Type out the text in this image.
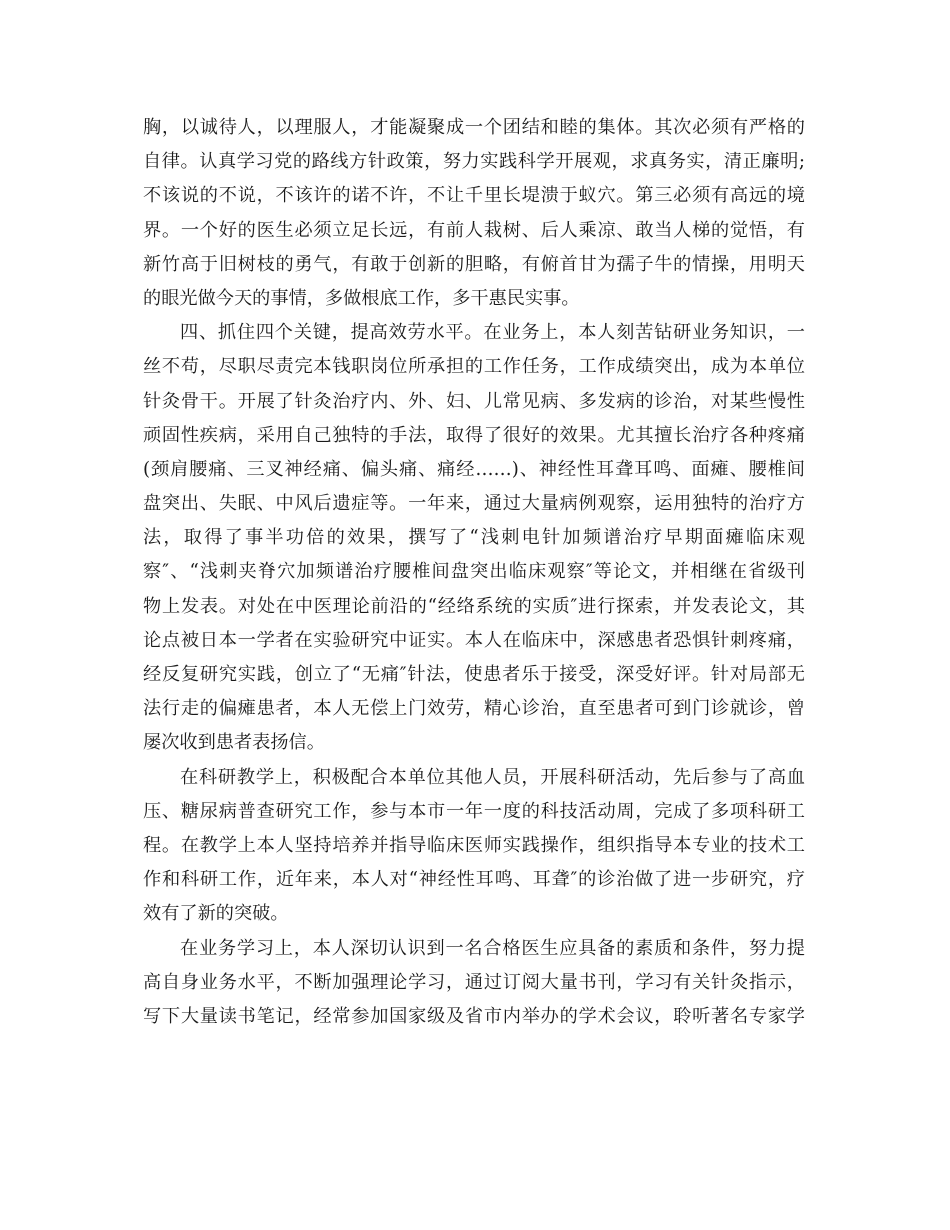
胸，以诚待人，以理服人，才能凝聚成一个团结和睦的集体。其次必须有严格的
自律。认真学习党的路线方针政策，努力实践科学开展观，求真务实，清正廉明;
不该说的不说，不该许的诺不许，不让千里长堤溃于蚁穴。第三必须有高远的境
界。一个好的医生必须立足长远，有前人栽树、后人乘凉、敢当人梯的觉悟，有
新竹高于旧树枝的勇气，有敢于创新的胆略，有俯首甘为孺子牛的情操，用明天
的眼光做今天的事情，多做根底工作，多干惠民实事。
四、抓住四个关键，提高效劳水平。在业务上，本人刻苦钻研业务知识，一
丝不苟，尽职尽责完本钱职岗位所承担的工作任务，工作成绩突出，成为本单位
针灸骨干。开展了针灸治疗内、外、妇、儿常见病、多发病的诊治，对某些慢性
顽固性疾病，采用自己独特的手法，取得了很好的效果。尤其擅长治疗各种疼痛
(颈肩腰痛、三叉神经痛、偏头痛、痛经……)、神经性耳聋耳鸣、面瘫、腰椎间
盘突出、失眠、中风后遗症等。一年来，通过大量病例观察，运用独特的治疗方
法，取得了事半功倍的效果，撰写了“浅刺电针加频谱治疗早期面瘫临床观
察″、“浅刺夹脊穴加频谱治疗腰椎间盘突出临床观察″等论文，并相继在省级刊
物上发表。对处在中医理论前沿的“经络系统的实质″进行探索，并发表论文，其
论点被日本一学者在实验研究中证实。本人在临床中，深感患者恐惧针刺疼痛，
经反复研究实践，创立了“无痛″针法，使患者乐于接受，深受好评。针对局部无
法行走的偏瘫患者，本人无偿上门效劳，精心诊治，直至患者可到门诊就诊，曾
屡次收到患者表扬信。
在科研教学上，积极配合本单位其他人员，开展科研活动，先后参与了高血
压、糖尿病普查研究工作，参与本市一年一度的科技活动周，完成了多项科研工
程。在教学上本人坚持培养并指导临床医师实践操作，组织指导本专业的技术工
作和科研工作，近年来，本人对“神经性耳鸣、耳聋″的诊治做了进一步研究，疗
效有了新的突破。
在业务学习上，本人深切认识到一名合格医生应具备的素质和条件，努力提
高自身业务水平，不断加强理论学习，通过订阅大量书刊，学习有关针灸指示，
写下大量读书笔记，经常参加国家级及省市内举办的学术会议，聆听著名专家学
